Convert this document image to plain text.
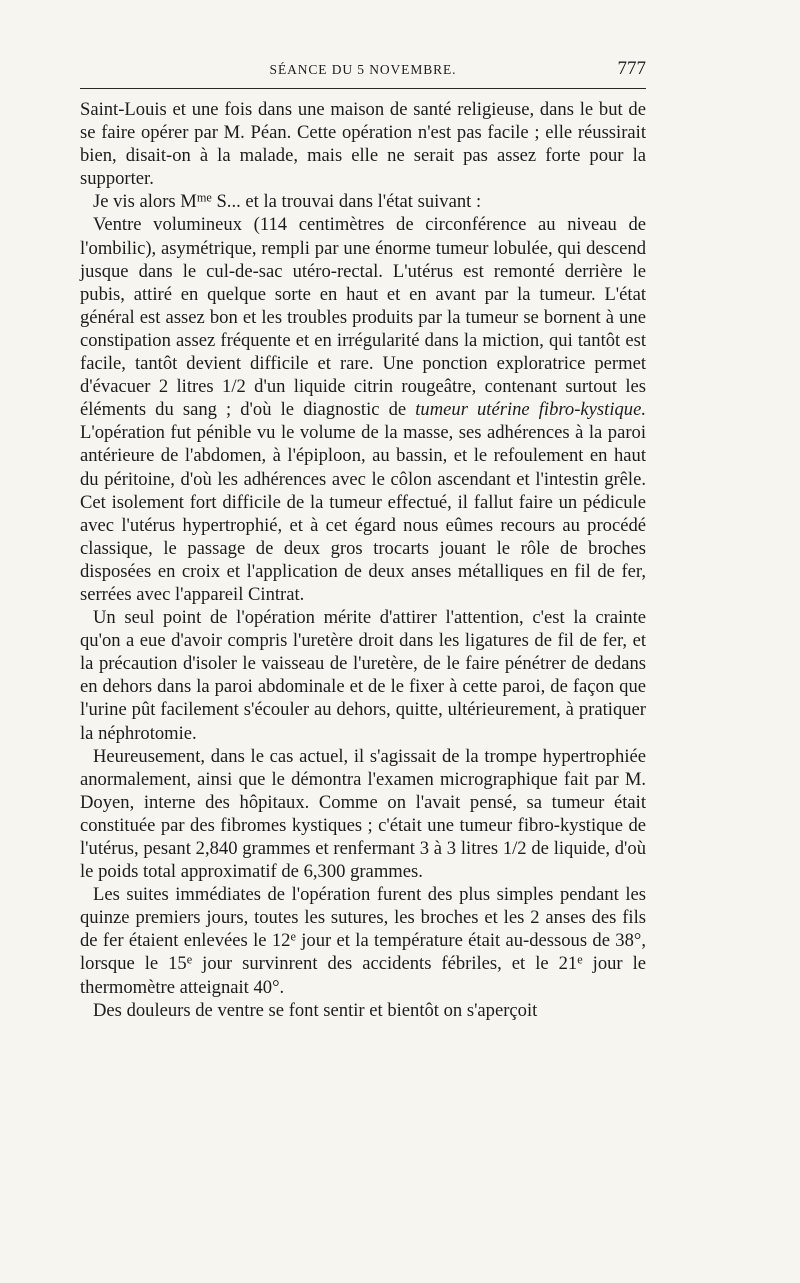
SÉANCE DU 5 NOVEMBRE.	777

Saint-Louis et une fois dans une maison de santé religieuse, dans le but de se faire opérer par M. Péan. Cette opération n'est pas facile ; elle réussirait bien, disait-on à la malade, mais elle ne serait pas assez forte pour la supporter.

Je vis alors $M^{me}$ S... et la trouvai dans l'état suivant :

Ventre volumineux (114 centimètres de circonférence au niveau de l'ombilic), asymétrique, rempli par une énorme tumeur lobulée, qui descend jusque dans le cul-de-sac utéro-rectal. L'utérus est remonté derrière le pubis, attiré en quelque sorte en haut et en avant par la tumeur. L'état général est assez bon et les troubles produits par la tumeur se bornent à une constipation assez fréquente et en irrégularité dans la miction, qui tantôt est facile, tantôt devient difficile et rare. Une ponction exploratrice permet d'évacuer 2 litres 1/2 d'un liquide citrin rougeâtre, contenant surtout les éléments du sang ; d'où le diagnostic de tumeur utérine fibro-kystique. L'opération fut pénible vu le volume de la masse, ses adhérences à la paroi antérieure de l'abdomen, à l'épiploon, au bassin, et le refoulement en haut du péritoine, d'où les adhérences avec le côlon ascendant et l'intestin grêle. Cet isolement fort difficile de la tumeur effectué, il fallut faire un pédicule avec l'utérus hypertrophié, et à cet égard nous eûmes recours au procédé classique, le passage de deux gros trocarts jouant le rôle de broches disposées en croix et l'application de deux anses métalliques en fil de fer, serrées avec l'appareil Cintrat.

Un seul point de l'opération mérite d'attirer l'attention, c'est la crainte qu'on a eue d'avoir compris l'uretère droit dans les ligatures de fil de fer, et la précaution d'isoler le vaisseau de l'uretère, de le faire pénétrer de dedans en dehors dans la paroi abdominale et de le fixer à cette paroi, de façon que l'urine pût facilement s'écouler au dehors, quitte, ultérieurement, à pratiquer la néphrotomie.

Heureusement, dans le cas actuel, il s'agissait de la trompe hypertrophiée anormalement, ainsi que le démontra l'examen micrographique fait par M. Doyen, interne des hôpitaux. Comme on l'avait pensé, sa tumeur était constituée par des fibromes kystiques ; c'était une tumeur fibro-kystique de l'utérus, pesant 2,840 grammes et renfermant 3 à 3 litres 1/2 de liquide, d'où le poids total approximatif de 6,300 grammes.

Les suites immédiates de l'opération furent des plus simples pendant les quinze premiers jours, toutes les sutures, les broches et les 2 anses des fils de fer étaient enlevées le 12e jour et la température était au-dessous de 38°, lorsque le 15e jour survinrent des accidents fébriles, et le 21e jour le thermomètre atteignait 40°.

Des douleurs de ventre se font sentir et bientôt on s'aperçoit
